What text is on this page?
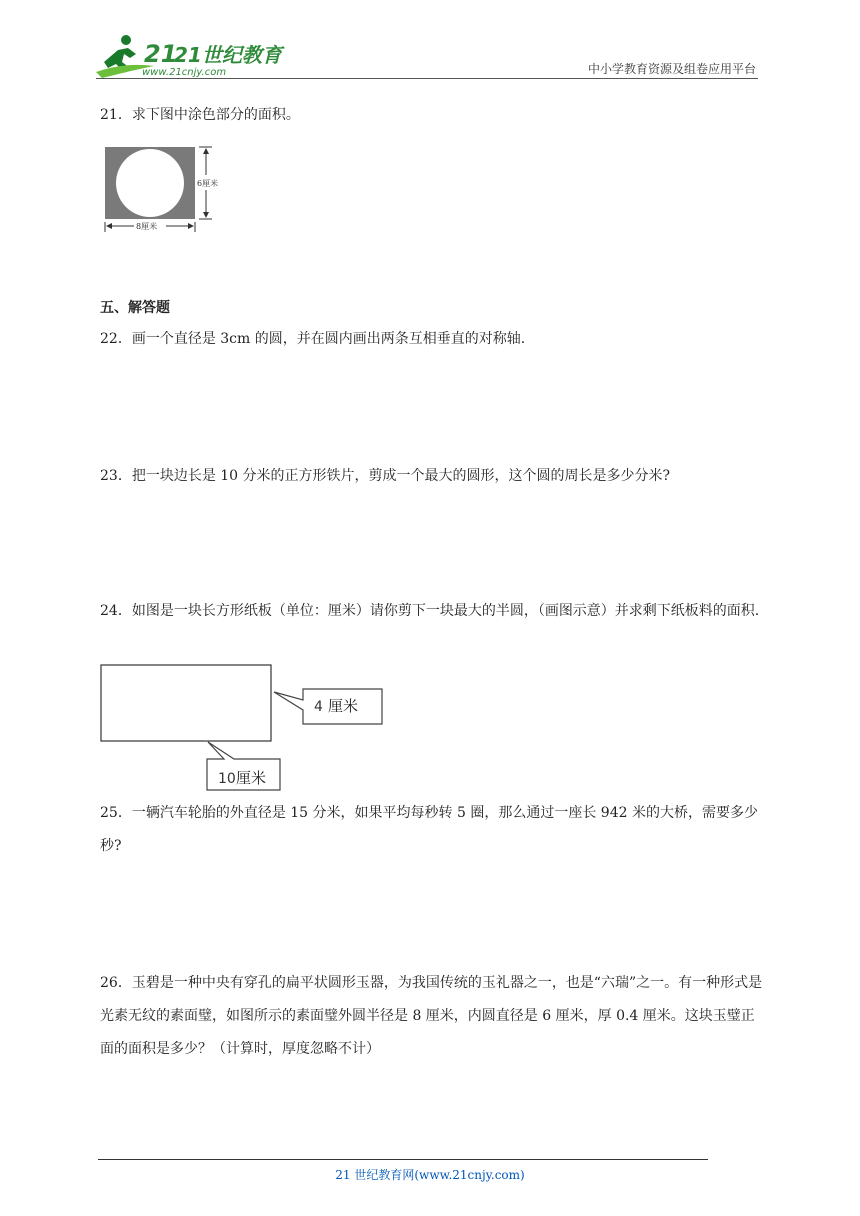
21
21世纪教育
www.21cnjy.com	中小学教育资源及组卷应用平台
21．求下图中涂色部分的面积。
6厘米
8厘米
五、解答题
22．画一个直径是 3cm 的圆，并在圆内画出两条互相垂直的对称轴.
23．把一块边长是 10 分米的正方形铁片，剪成一个最大的圆形，这个圆的周长是多少分米?
24．如图是一块长方形纸板（单位：厘米）请你剪下一块最大的半圆，（画图示意）并求剩下纸板料的面积.
4 厘米
10 厘米
25．一辆汽车轮胎的外直径是 15 分米，如果平均每秒转 5 圈，那么通过一座长 942 米的大桥，需要多少秒?
26．玉碧是一种中央有穿孔的扁平状圆形玉器，为我国传统的玉礼器之一，也是“六瑞”之一。有一种形式是光素无纹的素面璧，如图所示的素面璧外圆半径是 8 厘米，内圆直径是 6 厘米，厚 0.4 厘米。这块玉璧正面的面积是多少？（计算时，厚度忽略不计）
21 世纪教育网(www.21cnjy.com)
